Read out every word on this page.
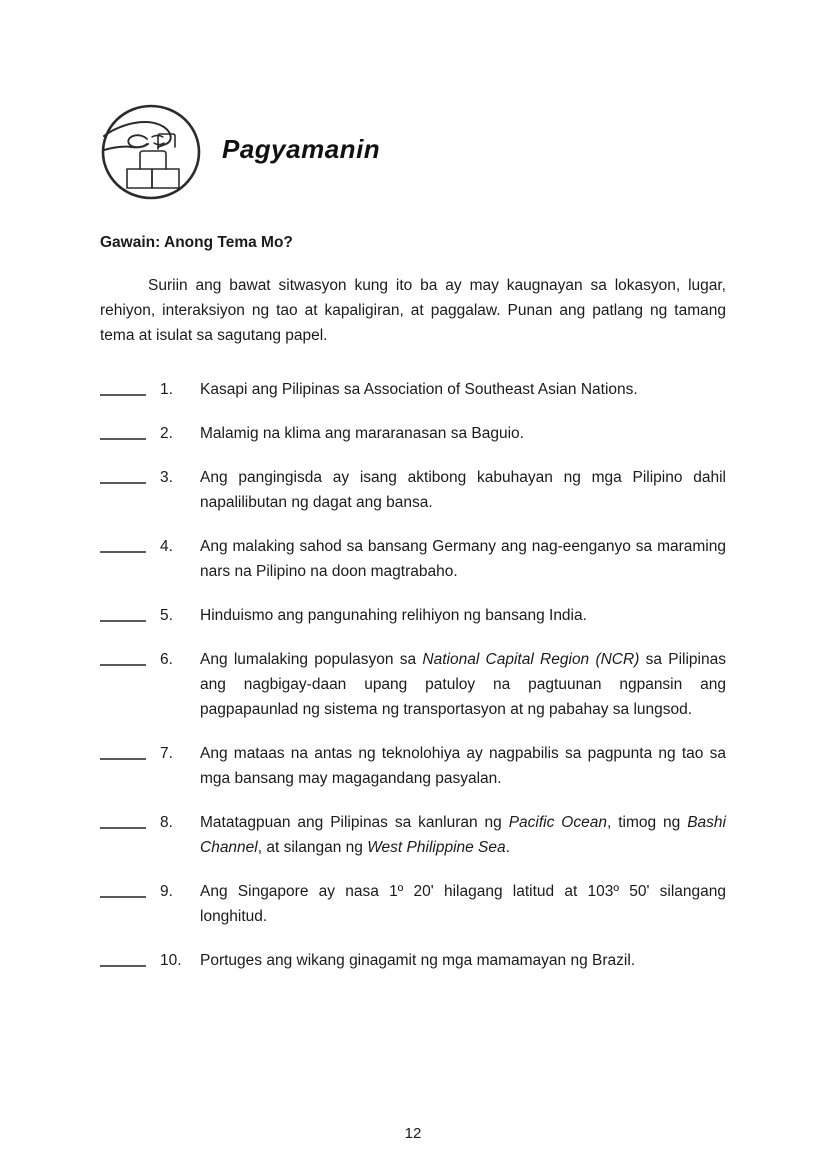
Pagyamanin
Gawain: Anong Tema Mo?

Suriin ang bawat sitwasyon kung ito ba ay may kaugnayan sa lokasyon, lugar, rehiyon, interaksiyon ng tao at kapaligiran, at paggalaw. Punan ang patlang ng tamang tema at isulat sa sagutang papel.

1.	Kasapi ang Pilipinas sa Association of Southeast Asian Nations.
2.	Malamig na klima ang mararanasan sa Baguio.
3.	Ang pangingisda ay isang aktibong kabuhayan ng mga Pilipino dahil napalilibutan ng dagat ang bansa.
4.	Ang malaking sahod sa bansang Germany ang nag-eenganyo sa maraming nars na Pilipino na doon magtrabaho.
5.	Hinduismo ang pangunahing relihiyon ng bansang India.
6.	Ang lumalaking populasyon sa National Capital Region (NCR) sa Pilipinas ang nagbigay-daan upang patuloy na pagtuunan ngpansin ang pagpapaunlad ng sistema ng transportasyon at ng pabahay sa lungsod.
7.	Ang mataas na antas ng teknolohiya ay nagpabilis sa pagpunta ng tao sa mga bansang may magagandang pasyalan.
8.	Matatagpuan ang Pilipinas sa kanluran ng Pacific Ocean, timog ng Bashi Channel, at silangan ng West Philippine Sea.
9.	Ang Singapore ay nasa 1º 20' hilagang latitud at 103º 50' silangang longhitud.
10.	Portuges ang wikang ginagamit ng mga mamamayan ng Brazil.
12
